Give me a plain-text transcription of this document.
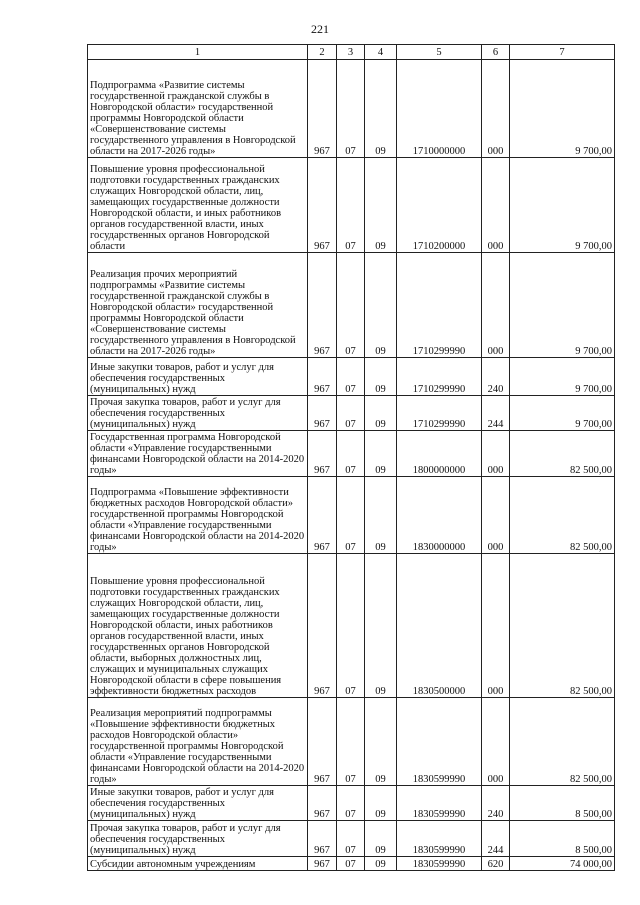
221
1	2	3	4	5	6	7
Подпрограмма «Развитие системы государственной гражданской службы в Новгородской области» государственной программы Новгородской области «Совершенствование системы государственного управления в Новгородской области на 2017-2026 годы»	967	07	09	1710000000	000	9 700,00
Повышение уровня профессиональной подготовки государственных гражданских служащих Новгородской области, лиц, замещающих государственные должности Новгородской области, и иных работников органов государственной власти, иных государственных органов Новгородской области	967	07	09	1710200000	000	9 700,00
Реализация прочих мероприятий подпрограммы «Развитие системы государственной гражданской службы в Новгородской области» государственной программы Новгородской области «Совершенствование системы государственного управления в Новгородской области на 2017-2026 годы»	967	07	09	1710299990	000	9 700,00
Иные закупки товаров, работ и услуг для обеспечения государственных (муниципальных) нужд	967	07	09	1710299990	240	9 700,00
Прочая закупка товаров, работ и услуг для обеспечения государственных (муниципальных) нужд	967	07	09	1710299990	244	9 700,00
Государственная программа Новгородской области «Управление государственными финансами Новгородской области на 2014-2020 годы»	967	07	09	1800000000	000	82 500,00
Подпрограмма «Повышение эффективности бюджетных расходов Новгородской области» государственной программы Новгородской области «Управление государственными финансами Новгородской области на 2014-2020 годы»	967	07	09	1830000000	000	82 500,00
Повышение уровня профессиональной подготовки государственных гражданских служащих Новгородской области, лиц, замещающих государственные должности Новгородской области, иных работников органов государственной власти, иных государственных органов Новгородской области, выборных должностных лиц, служащих и муниципальных служащих Новгородской области в сфере повышения эффективности бюджетных расходов	967	07	09	1830500000	000	82 500,00
Реализация мероприятий подпрограммы «Повышение эффективности бюджетных расходов Новгородской области» государственной программы Новгородской области «Управление государственными финансами Новгородской области на 2014-2020 годы»	967	07	09	1830599990	000	82 500,00
Иные закупки товаров, работ и услуг для обеспечения государственных (муниципальных) нужд	967	07	09	1830599990	240	8 500,00
Прочая закупка товаров, работ и услуг для обеспечения государственных (муниципальных) нужд	967	07	09	1830599990	244	8 500,00
Субсидии автономным учреждениям	967	07	09	1830599990	620	74 000,00
